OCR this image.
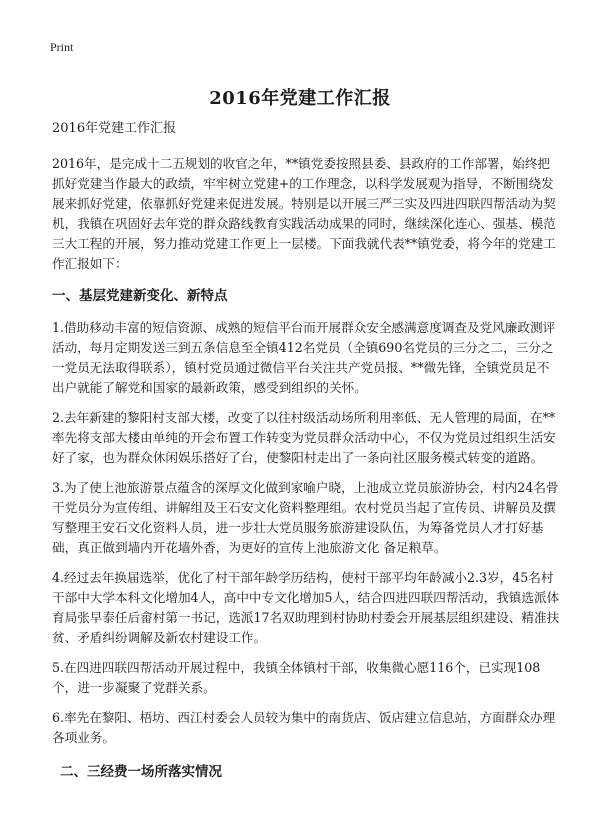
Print
2016年党建工作汇报

2016年党建工作汇报

2016年，是完成十二五规划的收官之年，**镇党委按照县委、县政府的工作部署，始终把抓好党建当作最大的政绩，牢牢树立党建+的工作理念，以科学发展观为指导，不断围绕发展来抓好党建，依靠抓好党建来促进发展。特别是以开展三严三实及四进四联四帮活动为契机，我镇在巩固好去年党的群众路线教育实践活动成果的同时，继续深化连心、强基、模范三大工程的开展，努力推动党建工作更上一层楼。下面我就代表**镇党委，将今年的党建工作汇报如下：

一、基层党建新变化、新特点

1.借助移动丰富的短信资源、成熟的短信平台而开展群众安全感满意度调查及党风廉政测评活动，每月定期发送三到五条信息至全镇412名党员（全镇690名党员的三分之二，三分之一党员无法取得联系），镇村党员通过微信平台关注共产党员报、**微先锋，全镇党员足不出户就能了解党和国家的最新政策，感受到组织的关怀。

2.去年新建的黎阳村支部大楼，改变了以往村级活动场所利用率低、无人管理的局面，在**率先将支部大楼由单纯的开会布置工作转变为党员群众活动中心，不仅为党员过组织生活安好了家，也为群众休闲娱乐搭好了台，使黎阳村走出了一条向社区服务模式转变的道路。

3.为了使上池旅游景点蕴含的深厚文化做到家喻户晓，上池成立党员旅游协会，村内24名骨干党员分为宣传组、讲解组及王石安文化资料整理组。农村党员当起了宣传员、讲解员及撰写整理王安石文化资料人员，进一步壮大党员服务旅游建设队伍，为筹备党员人才打好基础，真正做到墙内开花墙外香，为更好的宣传上池旅游文化 备足粮草。

4.经过去年换届选举，优化了村干部年龄学历结构，使村干部平均年龄减小2.3岁，45名村干部中大学本科文化增加4人，高中中专文化增加5人，结合四进四联四帮活动，我镇选派体育局张早泰任后畲村第一书记，选派17名双助理到村协助村委会开展基层组织建设、精准扶贫、矛盾纠纷调解及新农村建设工作。

5.在四进四联四帮活动开展过程中，我镇全体镇村干部，收集微心愿116个，已实现108个，进一步凝聚了党群关系。

6.率先在黎阳、梧坊、西江村委会人员较为集中的南货店、饭店建立信息站，方面群众办理各项业务。

二、三经费一场所落实情况
